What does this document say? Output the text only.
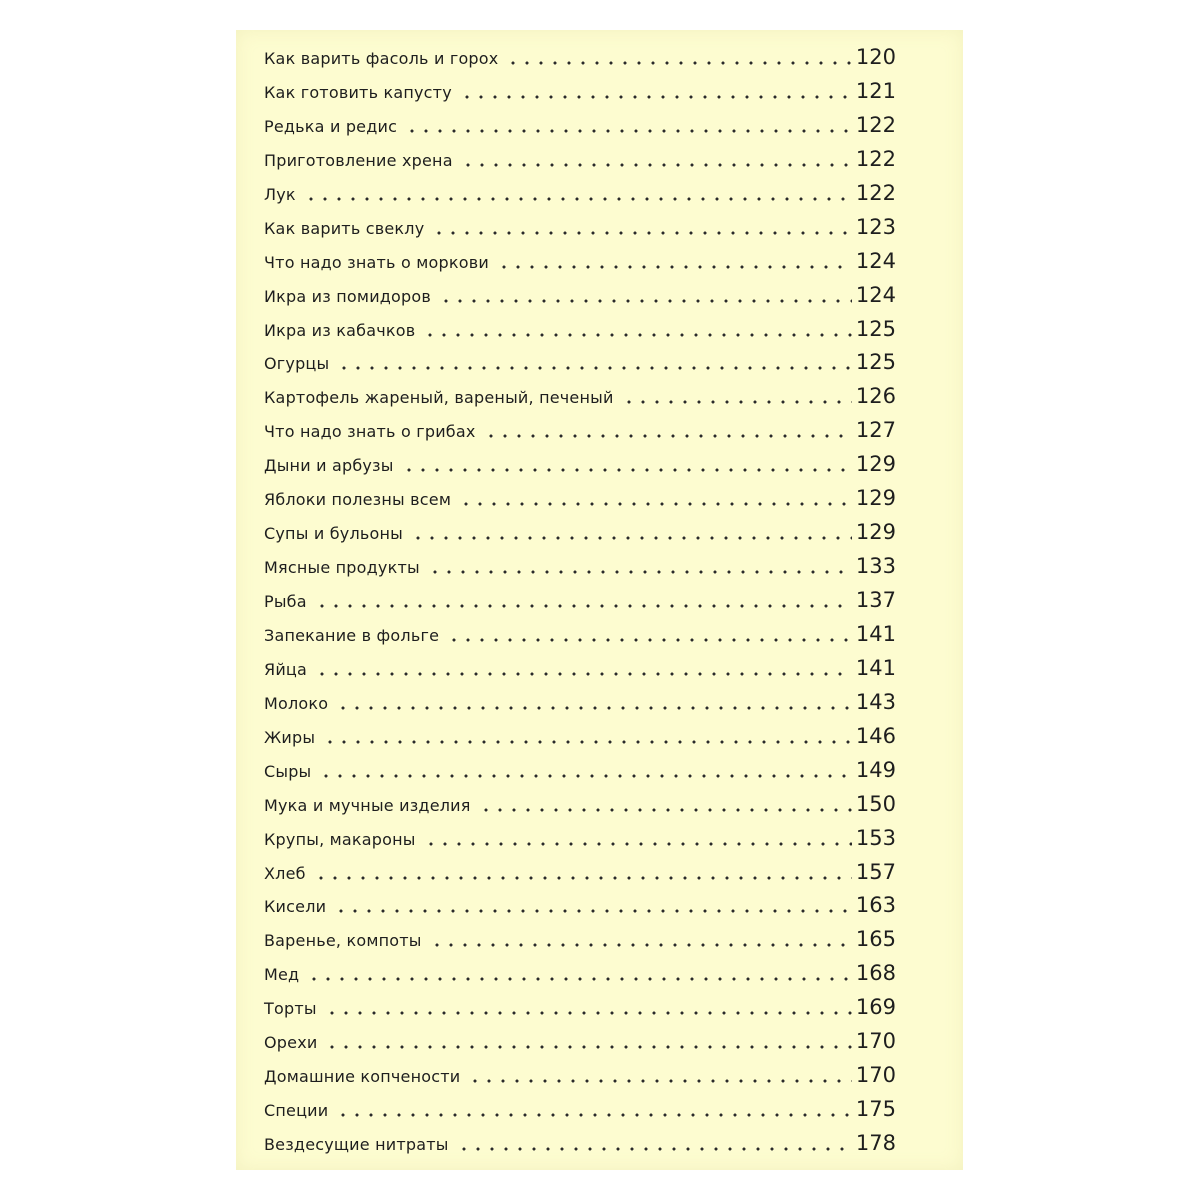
Как варить фасоль и горох	120
Как готовить капусту	121
Редька и редис	122
Приготовление хрена	122
Лук	122
Как варить свеклу	123
Что надо знать о моркови	124
Икра из помидоров	124
Икра из кабачков	125
Огурцы	125
Картофель жареный, вареный, печеный	126
Что надо знать о грибах	127
Дыни и арбузы	129
Яблоки полезны всем	129
Супы и бульоны	129
Мясные продукты	133
Рыба	137
Запекание в фольге	141
Яйца	141
Молоко	143
Жиры	146
Сыры	149
Мука и мучные изделия	150
Крупы, макароны	153
Хлеб	157
Кисели	163
Варенье, компоты	165
Мед	168
Торты	169
Орехи	170
Домашние копчености	170
Специи	175
Вездесущие нитраты	178
